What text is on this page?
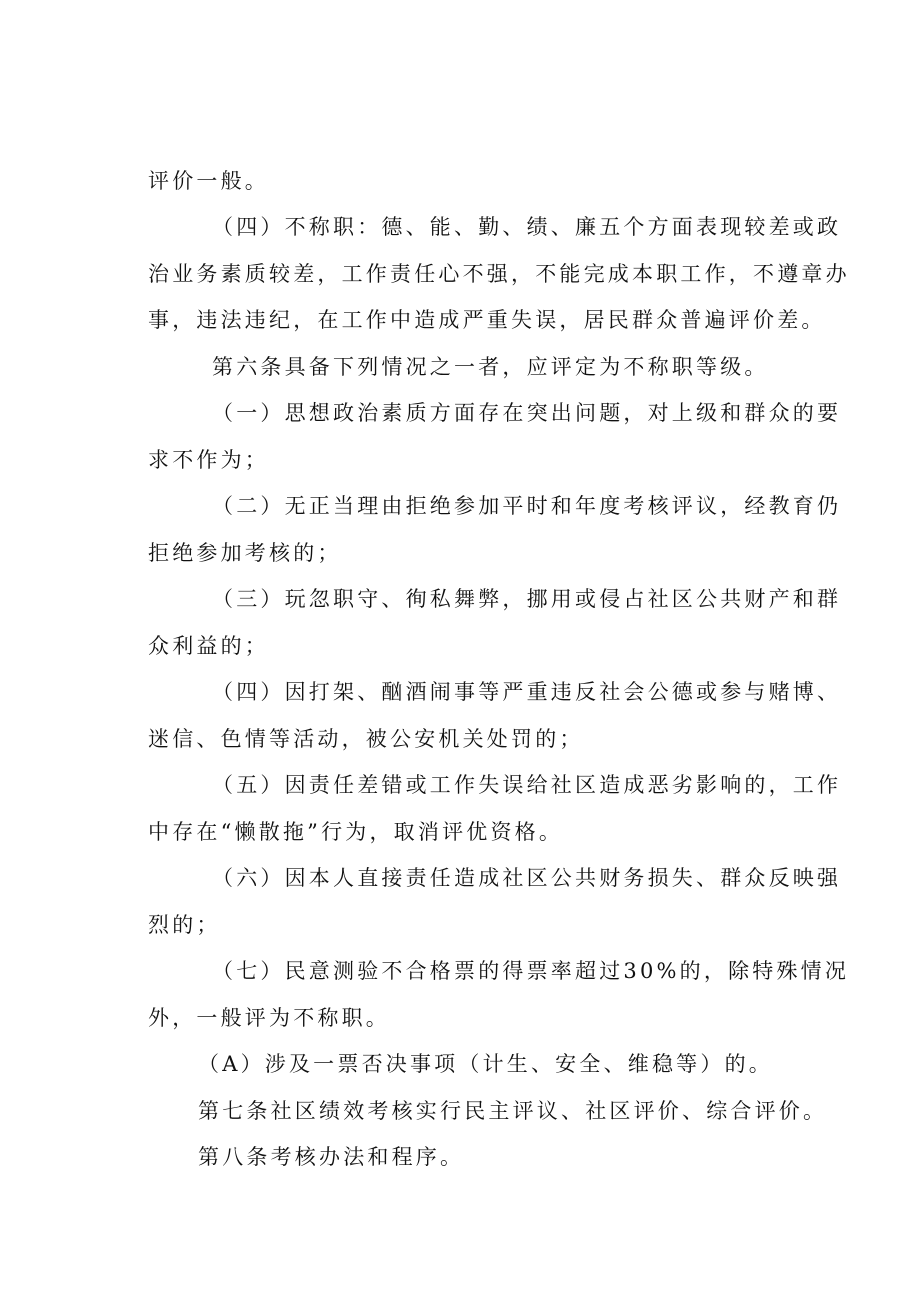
评价一般。
（四）不称职：德、能、勤、绩、廉五个方面表现较差或政
治业务素质较差，工作责任心不强，不能完成本职工作，不遵章办
事，违法违纪，在工作中造成严重失误，居民群众普遍评价差。
第六条具备下列情况之一者，应评定为不称职等级。
（一）思想政治素质方面存在突出问题，对上级和群众的要
求不作为；
（二）无正当理由拒绝参加平时和年度考核评议，经教育仍
拒绝参加考核的；
（三）玩忽职守、徇私舞弊，挪用或侵占社区公共财产和群
众利益的；
（四）因打架、酗酒闹事等严重违反社会公德或参与赌博、
迷信、色情等活动，被公安机关处罚的；
（五）因责任差错或工作失误给社区造成恶劣影响的，工作
中存在“懒散拖”行为，取消评优资格。
（六）因本人直接责任造成社区公共财务损失、群众反映强
烈的；
（七）民意测验不合格票的得票率超过30%的，除特殊情况
外，一般评为不称职。
（A）涉及一票否决事项（计生、安全、维稳等）的。
第七条社区绩效考核实行民主评议、社区评价、综合评价。
第八条考核办法和程序。
